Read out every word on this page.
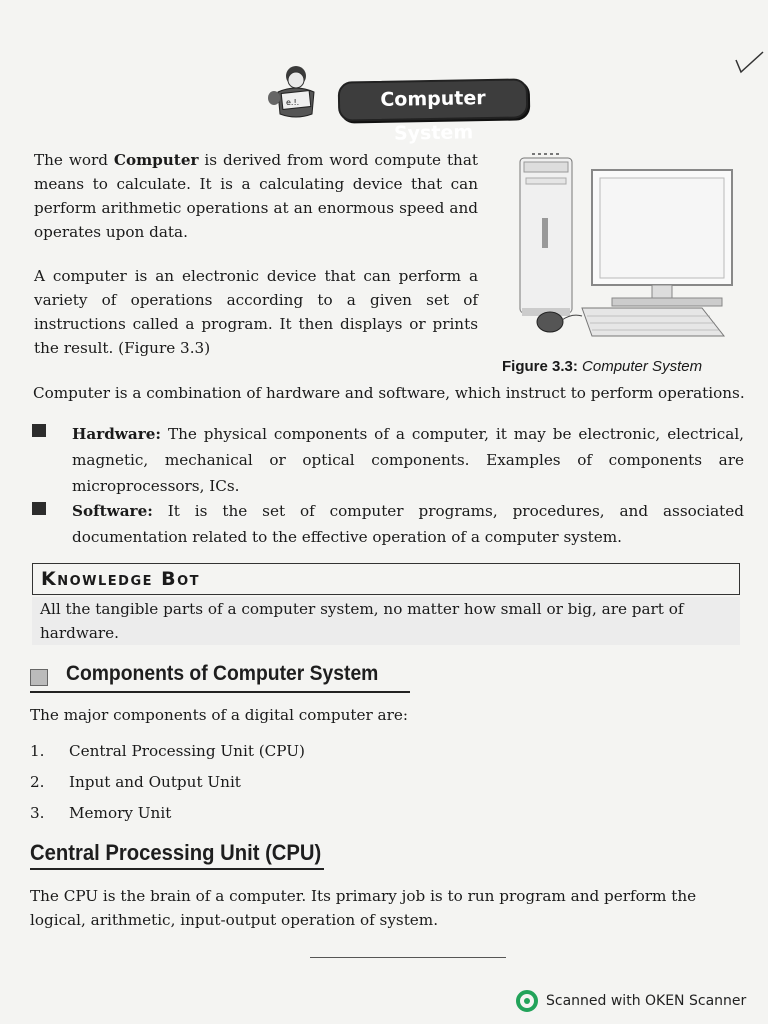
e.!.	Computer System

The word Computer is derived from word compute that means to calculate. It is a calculating device that can perform arithmetic operations at an enormous speed and operates upon data.

A computer is an electronic device that can perform a variety of operations according to a given set of instructions called a program. It then displays or prints the result. (Figure 3.3)

Figure 3.3: Computer System

Computer is a combination of hardware and software, which instruct to perform operations.

Hardware: The physical components of a computer, it may be electronic, electrical, magnetic, mechanical or optical components. Examples of components are microprocessors, ICs.

Software: It is the set of computer programs, procedures, and associated documentation related to the effective operation of a computer system.

Knowledge Bot
All the tangible parts of a computer system, no matter how small or big, are part of hardware.
Components of Computer System
The major components of a digital computer are:
1. Central Processing Unit (CPU)
2. Input and Output Unit
3. Memory Unit
Central Processing Unit (CPU)

The CPU is the brain of a computer. Its primary job is to run program and perform the logical, arithmetic, input-output operation of system.

Scanned with OKEN Scanner
